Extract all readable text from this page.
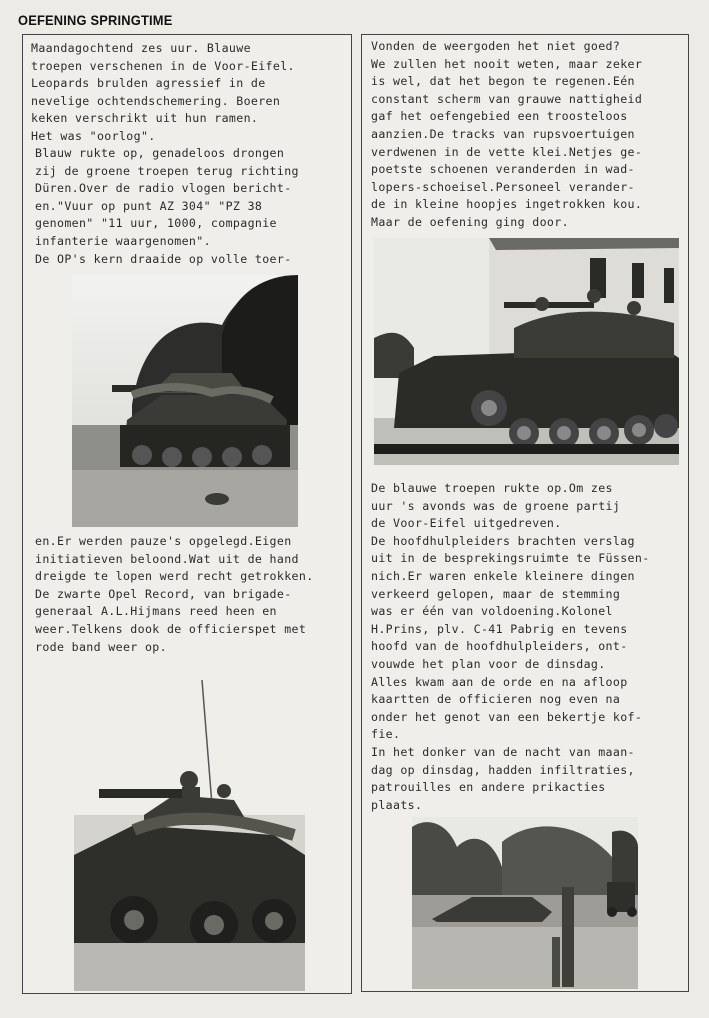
OEFENING SPRINGTIME
Maandagochtend zes uur. Blauwe
troepen verschenen in de Voor-Eifel.
Leopards brulden agressief in de
nevelige ochtendschemering. Boeren
keken verschrikt uit hun ramen.
Het was "oorlog".
Blauw rukte op, genadeloos drongen
zij de groene troepen terug richting
Düren.Over de radio vlogen bericht-
en."Vuur op punt AZ 304" "PZ 38
genomen" "11 uur, 1000, compagnie
infanterie waargenomen".
De OP's kern draaide op volle toer-
en.Er werden pauze's opgelegd.Eigen
initiatieven beloond.Wat uit de hand
dreigde te lopen werd recht getrokken.
De zwarte Opel Record, van brigade-
generaal A.L.Hijmans reed heen en
weer.Telkens dook de officierspet met
rode band weer op.
Vonden de weergoden het niet goed?
We zullen het nooit weten, maar zeker
is wel, dat het begon te regenen.Eén
constant scherm van grauwe nattigheid
gaf het oefengebied een troosteloos
aanzien.De tracks van rupsvoertuigen
verdwenen in de vette klei.Netjes ge-
poetste schoenen veranderden in wad-
lopers-schoeisel.Personeel verander-
de in kleine hoopjes ingetrokken kou.
Maar de oefening ging door.
De blauwe troepen rukte op.Om zes
uur 's avonds was de groene partij
de Voor-Eifel uitgedreven.
De hoofdhulpleiders brachten verslag
uit in de besprekingsruimte te Füssen-
nich.Er waren enkele kleinere dingen
verkeerd gelopen, maar de stemming
was er één van voldoening.Kolonel
H.Prins, plv. C-41 Pabrig en tevens
hoofd van de hoofdhulpleiders, ont-
vouwde het plan voor de dinsdag.
Alles kwam aan de orde en na afloop
kaartten de officieren nog even na
onder het genot van een bekertje kof-
fie.
In het donker van de nacht van maan-
dag op dinsdag, hadden infiltraties,
patrouilles en andere prikacties
plaats.
